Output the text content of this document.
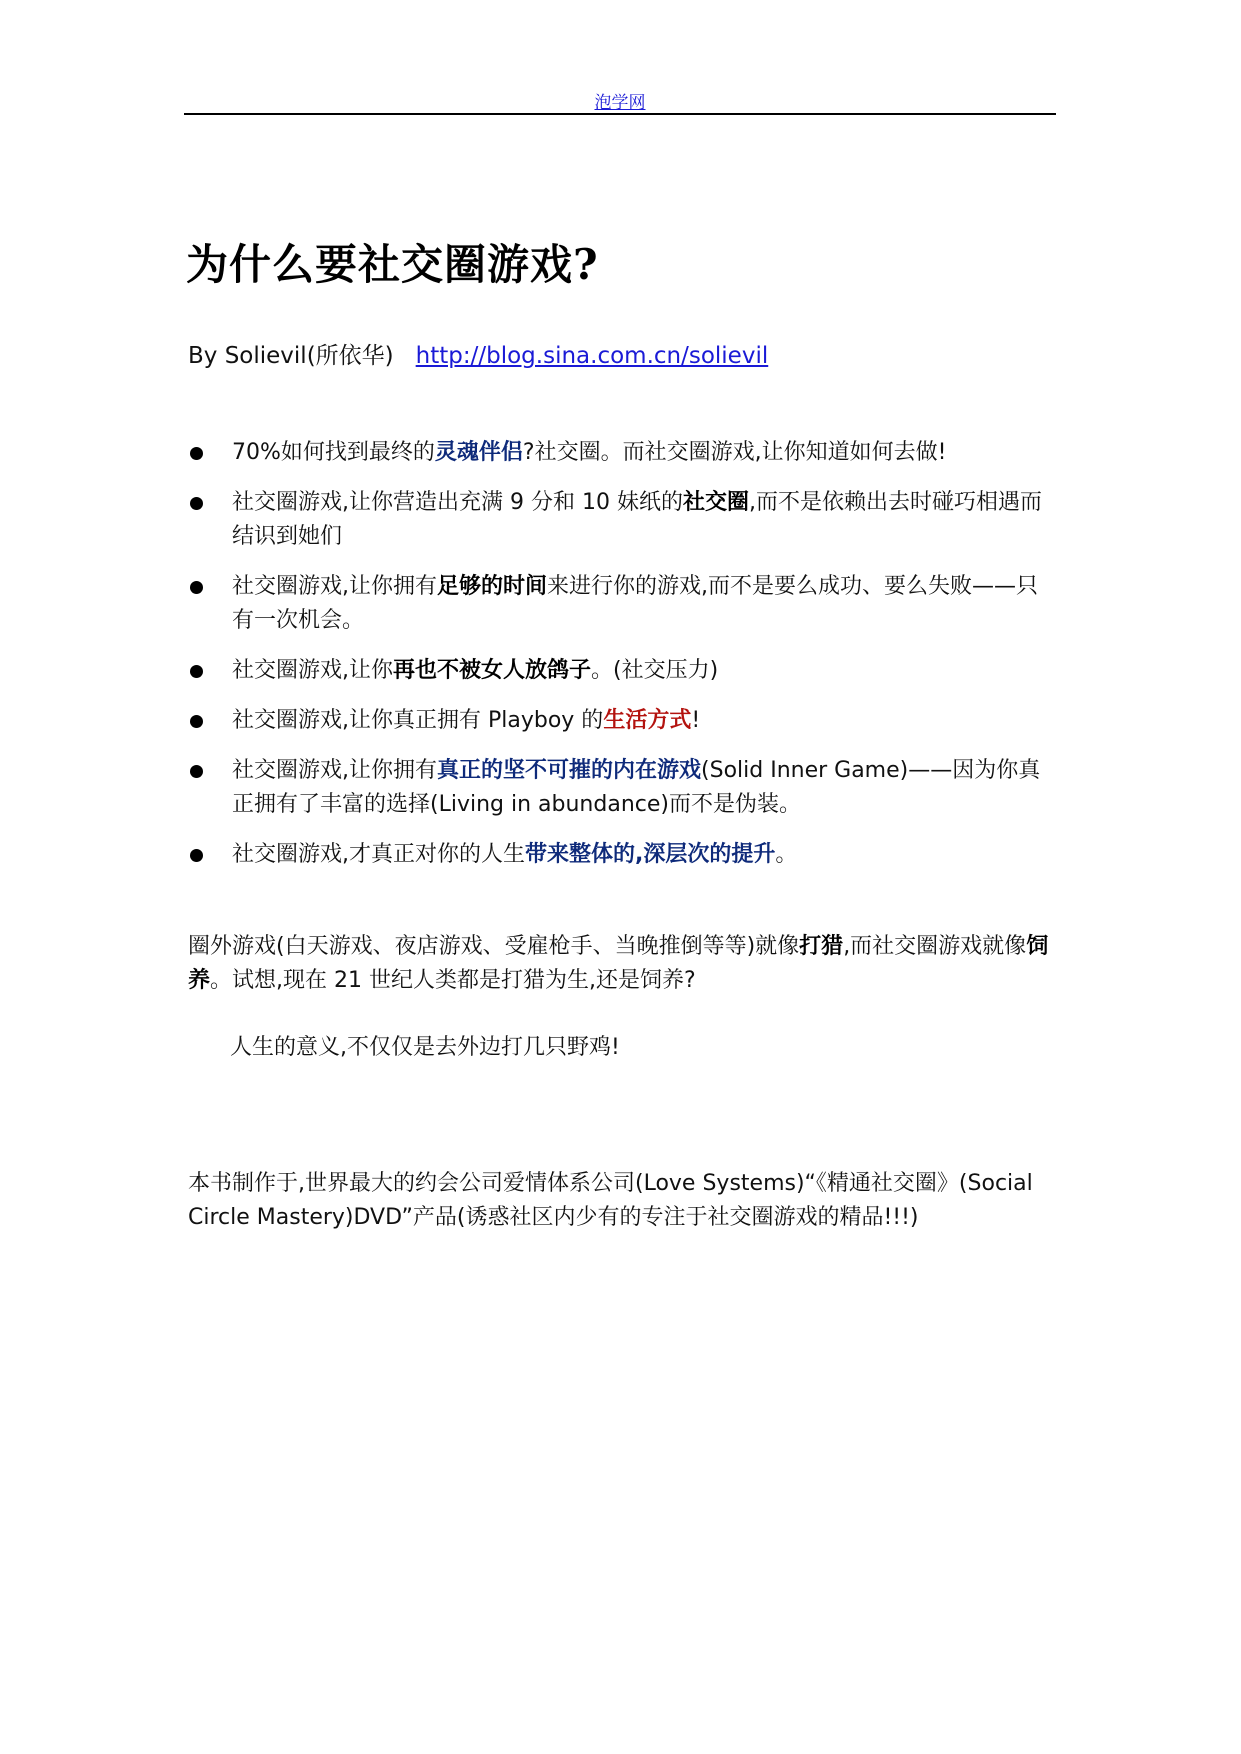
泡学网
为什么要社交圈游戏?
By Solievil(所依华) http://blog.sina.com.cn/solievil
70%如何找到最终的灵魂伴侣?社交圈。而社交圈游戏,让你知道如何去做!
社交圈游戏,让你营造出充满 9 分和 10 妹纸的社交圈,而不是依赖出去时碰巧相遇而结识到她们
社交圈游戏,让你拥有足够的时间来进行你的游戏,而不是要么成功、要么失败——只有一次机会。
社交圈游戏,让你再也不被女人放鸽子。(社交压力)
社交圈游戏,让你真正拥有 Playboy 的生活方式!
社交圈游戏,让你拥有真正的坚不可摧的内在游戏(Solid Inner Game)——因为你真正拥有了丰富的选择(Living in abundance)而不是伪装。
社交圈游戏,才真正对你的人生带来整体的,深层次的提升。

圈外游戏(白天游戏、夜店游戏、受雇枪手、当晚推倒等等)就像打猎,而社交圈游戏就像饲养。试想,现在 21 世纪人类都是打猎为生,还是饲养?

人生的意义,不仅仅是去外边打几只野鸡!

本书制作于,世界最大的约会公司爱情体系公司(Love Systems)“《精通社交圈》(Social Circle Mastery)DVD”产品(诱惑社区内少有的专注于社交圈游戏的精品!!!)
